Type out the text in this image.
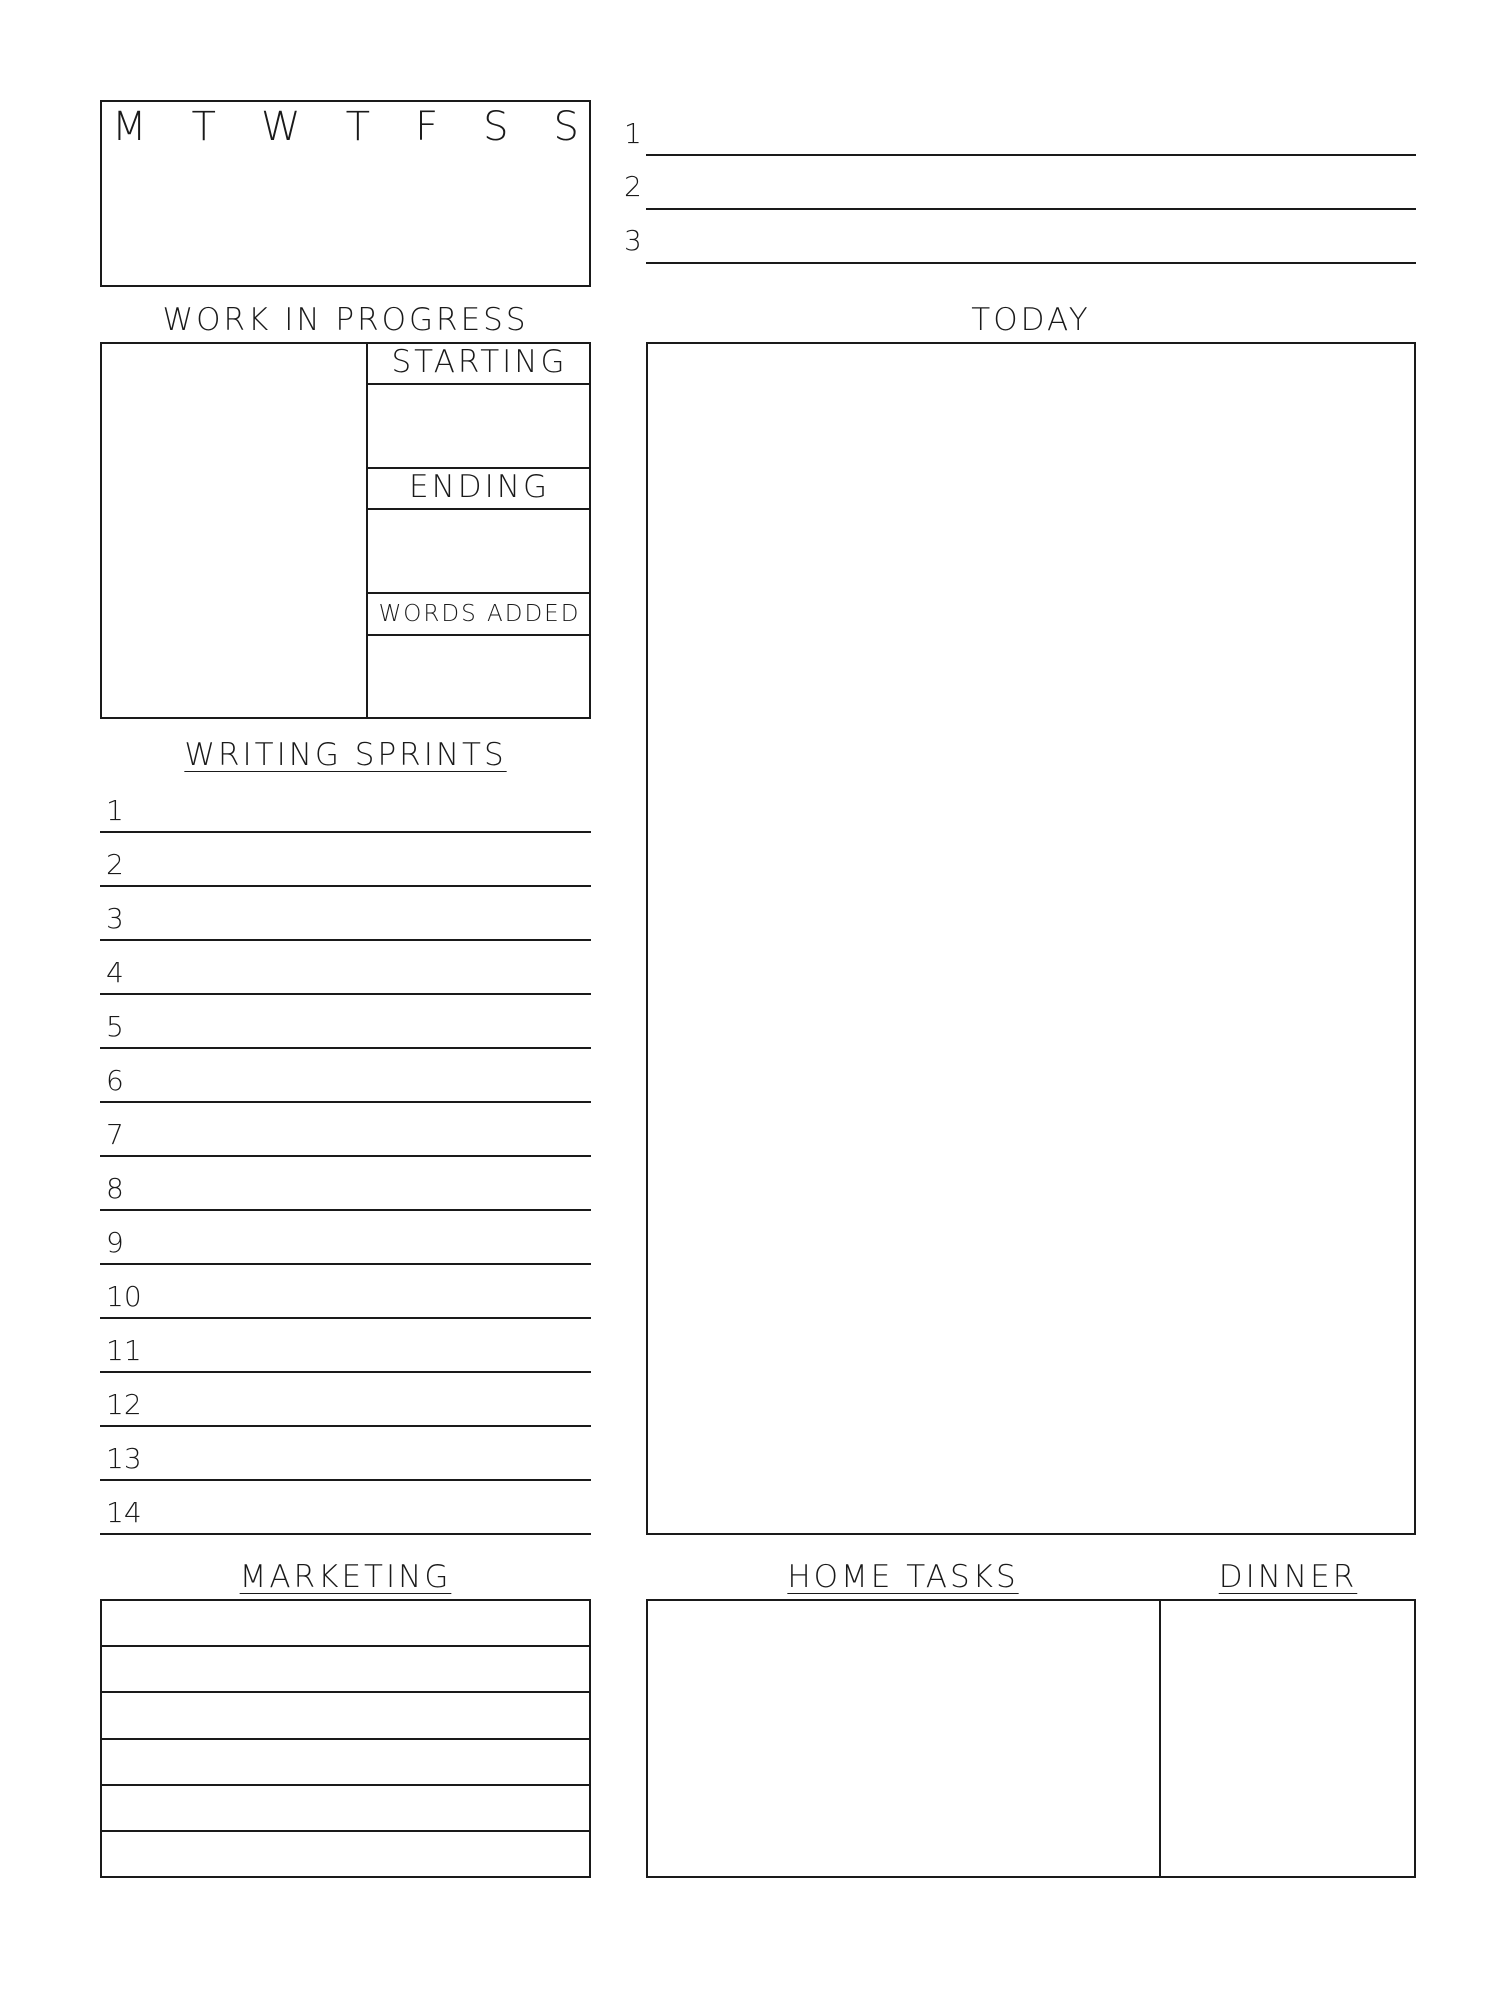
M T W T F S S 1
2
3
WORK IN PROGRESS
STARTING
ENDING
WORDS ADDED
WRITING SPRINTS
1
2
3
4
5
6
7
8
9
10
11
12
13
14
TODAY
MARKETING	HOME TASKS	DINNER
